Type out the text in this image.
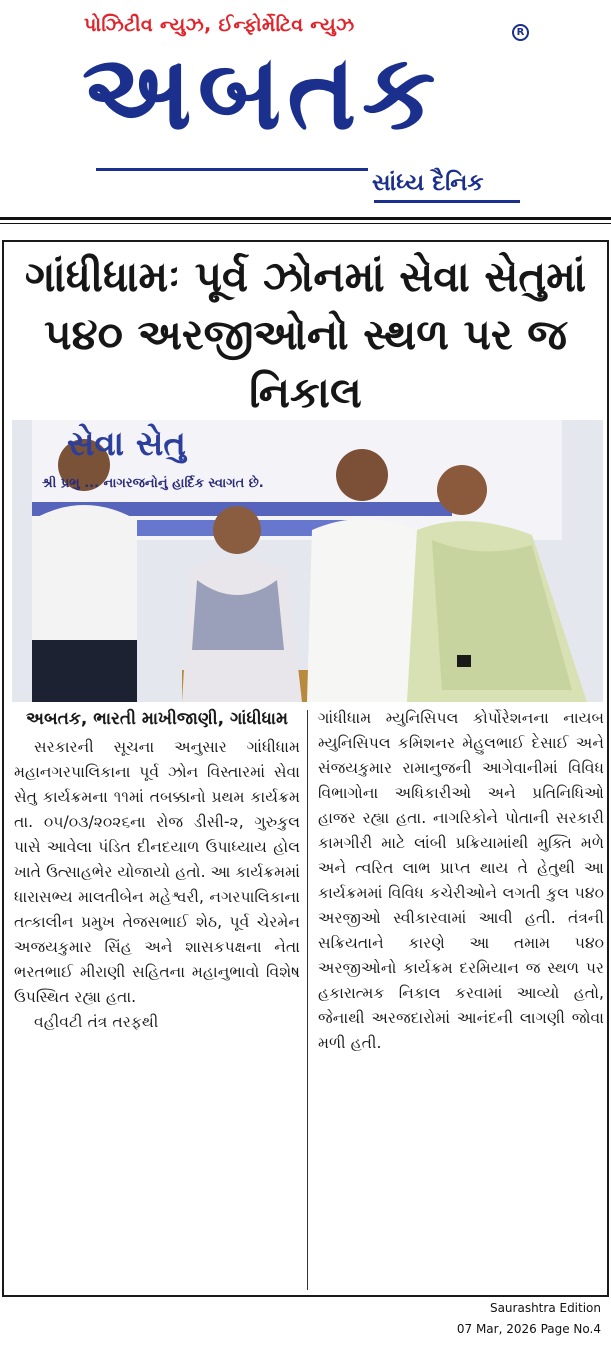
પોઝિટીવ ન્યુઝ, ઈન્ફોર્મેટિવ ન્યુઝ	R
અબતક
સાંધ્ય દૈનિક
ગાંધીધામઃ પૂર્વ ઝોનમાં સેવા સેતુમાં
૫૪૦ અરજીઓનો સ્થળ પર જ નિકાલ
સેવા સેતુ
શ્રી પ્રભુ ... નાગરજનોનું હાર્દિક સ્વાગત છે.
અબતક, ભારતી માખીજાણી, ગાંધીધામ

સરકારની સૂચના અનુસાર ગાંધીધામ મહાનગરપાલિકાના પૂર્વ ઝોન વિસ્તારમાં સેવા સેતુ કાર્યક્રમના ૧૧માં તબક્કાનો પ્રથમ કાર્યક્રમ તા. ૦૫/૦૩/૨૦૨૬ના રોજ ડીસી-૨, ગુરુકુલ પાસે આવેલા પંડિત દીનદયાળ ઉપાધ્યાય હોલ ખાતે ઉત્સાહભેર યોજાયો હતો. આ કાર્યક્રમમાં ધારાસભ્ય માલતીબેન મહેશ્વરી, નગરપાલિકાના તત્કાલીન પ્રમુખ તેજસભાઈ શેઠ, પૂર્વ ચેરમેન અજયકુમાર સિંહ અને શાસકપક્ષના નેતા ભરતભાઈ મીરાણી સહિતના મહાનુભાવો વિશેષ ઉપસ્થિત રહ્યા હતા.

વહીવટી તંત્ર તરફથી

ગાંધીધામ મ્યુનિસિપલ કોર્પોરેશનના નાયબ મ્યુનિસિપલ કમિશનર મેહુલભાઈ દેસાઈ અને સંજયકુમાર રામાનુજની આગેવાનીમાં વિવિધ વિભાગોના અધિકારીઓ અને પ્રતિનિધિઓ હાજર રહ્યા હતા. નાગરિકોને પોતાની સરકારી કામગીરી માટે લાંબી પ્રક્રિયામાંથી મુક્તિ મળે અને ત્વરિત લાભ પ્રાપ્ત થાય તે હેતુથી આ કાર્યક્રમમાં વિવિધ કચેરીઓને લગતી કુલ ૫૪૦ અરજીઓ સ્વીકારવામાં આવી હતી. તંત્રની સક્રિયતાને કારણે આ તમામ ૫૪૦ અરજીઓનો કાર્યક્રમ દરમિયાન જ સ્થળ પર હકારાત્મક નિકાલ કરવામાં આવ્યો હતો, જેનાથી અરજદારોમાં આનંદની લાગણી જોવા મળી હતી.

Saurashtra Edition
07 Mar, 2026 Page No.4
